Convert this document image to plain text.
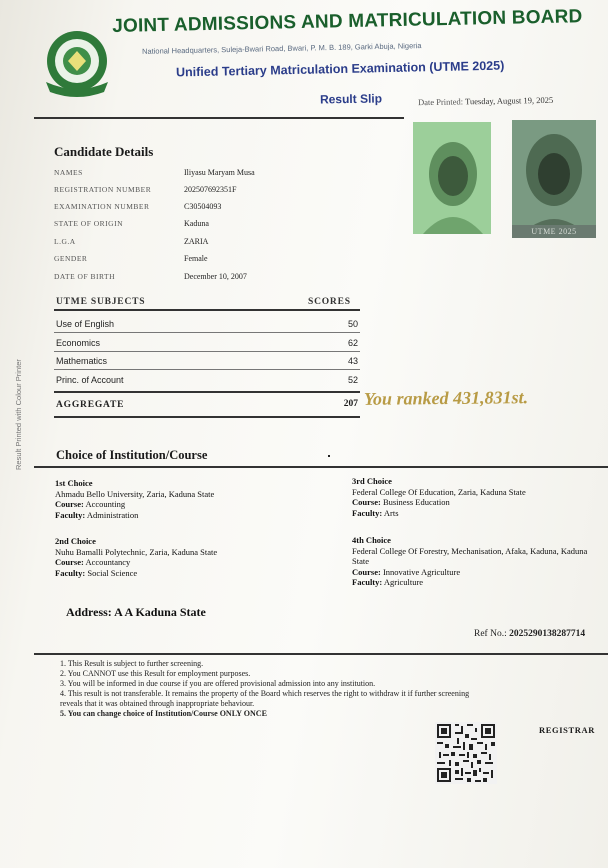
JOINT ADMISSIONS AND MATRICULATION BOARD
National Headquarters, Suleja-Bwari Road, Bwari, P. M. B. 189, Garki Abuja, Nigeria
Unified Tertiary Matriculation Examination (UTME 2025)
Result Slip	Date Printed: Tuesday, August 19, 2025
Candidate Details
NAMES	Iliyasu Maryam Musa
REGISTRATION NUMBER	202507692351F
EXAMINATION NUMBER	C30504093
STATE OF ORIGIN	Kaduna
L.G.A	ZARIA
GENDER	Female
DATE OF BIRTH	December 10, 2007
UTME 2025
UTME SUBJECTS	SCORES
Use of English	50
Economics	62
Mathematics	43
Princ. of Account	52
AGGREGATE	207 You ranked 431,831st.
Result Printed with Colour Printer	Choice of Institution/Course
1st Choice
Ahmadu Bello University, Zaria, Kaduna State
Course: Accounting
Faculty: Administration
2nd Choice
Nuhu Bamalli Polytechnic, Zaria, Kaduna State
Course: Accountancy
Faculty: Social Science
3rd Choice
Federal College Of Education, Zaria, Kaduna State
Course: Business Education
Faculty: Arts
4th Choice
Federal College Of Forestry, Mechanisation, Afaka, Kaduna, Kaduna State
Course: Innovative Agriculture
Faculty: Agriculture
Address: A A Kaduna State
Ref No.: 2025290138287714
1. This Result is subject to further screening.
2. You CANNOT use this Result for employment purposes.
3. You will be informed in due course if you are offered provisional admission into any institution.
4. This result is not transferable. It remains the property of the Board which reserves the right to withdraw it if further screening
reveals that it was obtained through inappropriate behaviour.
5. You can change choice of Institution/Course ONLY ONCE
REGISTRAR
